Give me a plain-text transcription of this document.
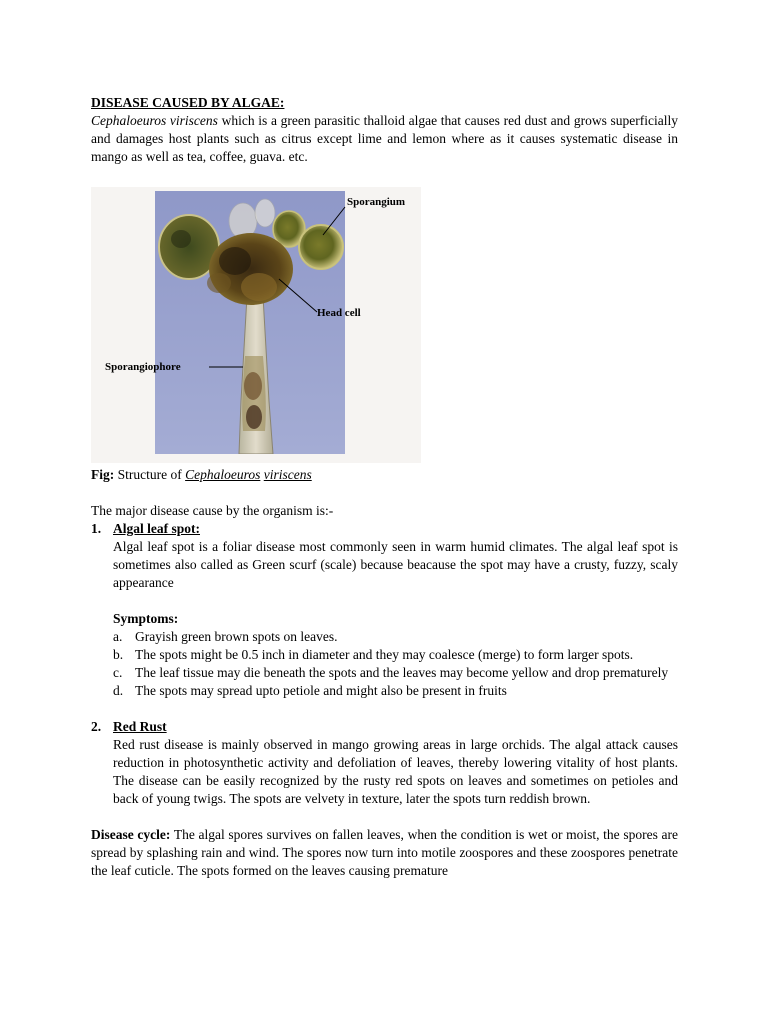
DISEASE CAUSED BY ALGAE:

Cephaloeuros viriscens which is a green parasitic thalloid algae that causes red dust and grows superficially and damages host plants such as citrus except lime and lemon where as it causes systematic disease in mango as well as tea, coffee, guava. etc.

Sporangium
Head cell
Sporangiophore
Fig: Structure of Cephaloeuros viriscens
The major disease cause by the organism is:-
1. Algal leaf spot:
Algal leaf spot is a foliar disease most commonly seen in warm humid climates. The algal leaf spot is sometimes also called as Green scurf (scale) because beacause the spot may have a crusty, fuzzy, scaly appearance
Symptoms:
a. Grayish green brown spots on leaves.
b. The spots might be 0.5 inch in diameter and they may coalesce (merge) to form larger spots.
c. The leaf tissue may die beneath the spots and the leaves may become yellow and drop prematurely
d. The spots may spread upto petiole and might also be present in fruits
2. Red Rust
Red rust disease is mainly observed in mango growing areas in large orchids. The algal attack causes reduction in photosynthetic activity and defoliation of leaves, thereby lowering vitality of host plants. The disease can be easily recognized by the rusty red spots on leaves and sometimes on petioles and back of young twigs. The spots are velvety in texture, later the spots turn reddish brown.
Disease cycle: The algal spores survives on fallen leaves, when the condition is wet or moist, the spores are spread by splashing rain and wind. The spores now turn into motile zoospores and these zoospores penetrate the leaf cuticle. The spots formed on the leaves causing premature
